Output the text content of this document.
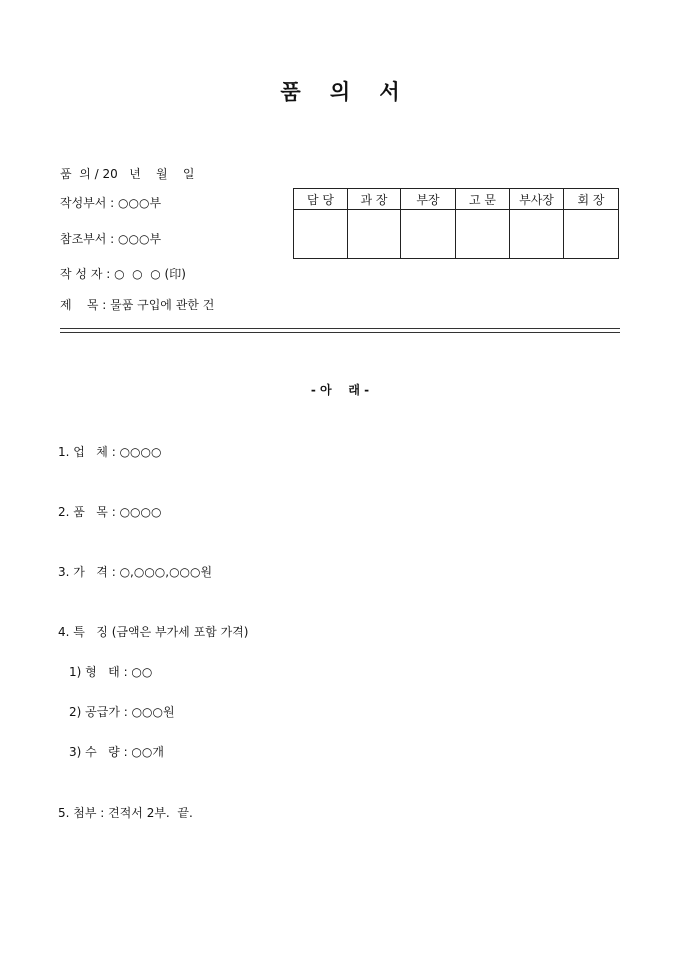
품    의    서
품  의 / 20   년    월    일
작성부서 : ○○○부
참조부서 : ○○○부
작 성 자 : ○  ○  ○ (印)
제    목 : 물품 구입에 관한 건
담 당	과 장	부장	고 문	부사장	회 장

- 아    래 -
1. 업   체 : ○○○○
2. 품   목 : ○○○○
3. 가   격 : ○,○○○,○○○원
4. 특   징 (금액은 부가세 포함 가격)
1) 형   태 : ○○
2) 공급가 : ○○○원
3) 수   량 : ○○개
5. 첨부 : 견적서 2부.  끝.
